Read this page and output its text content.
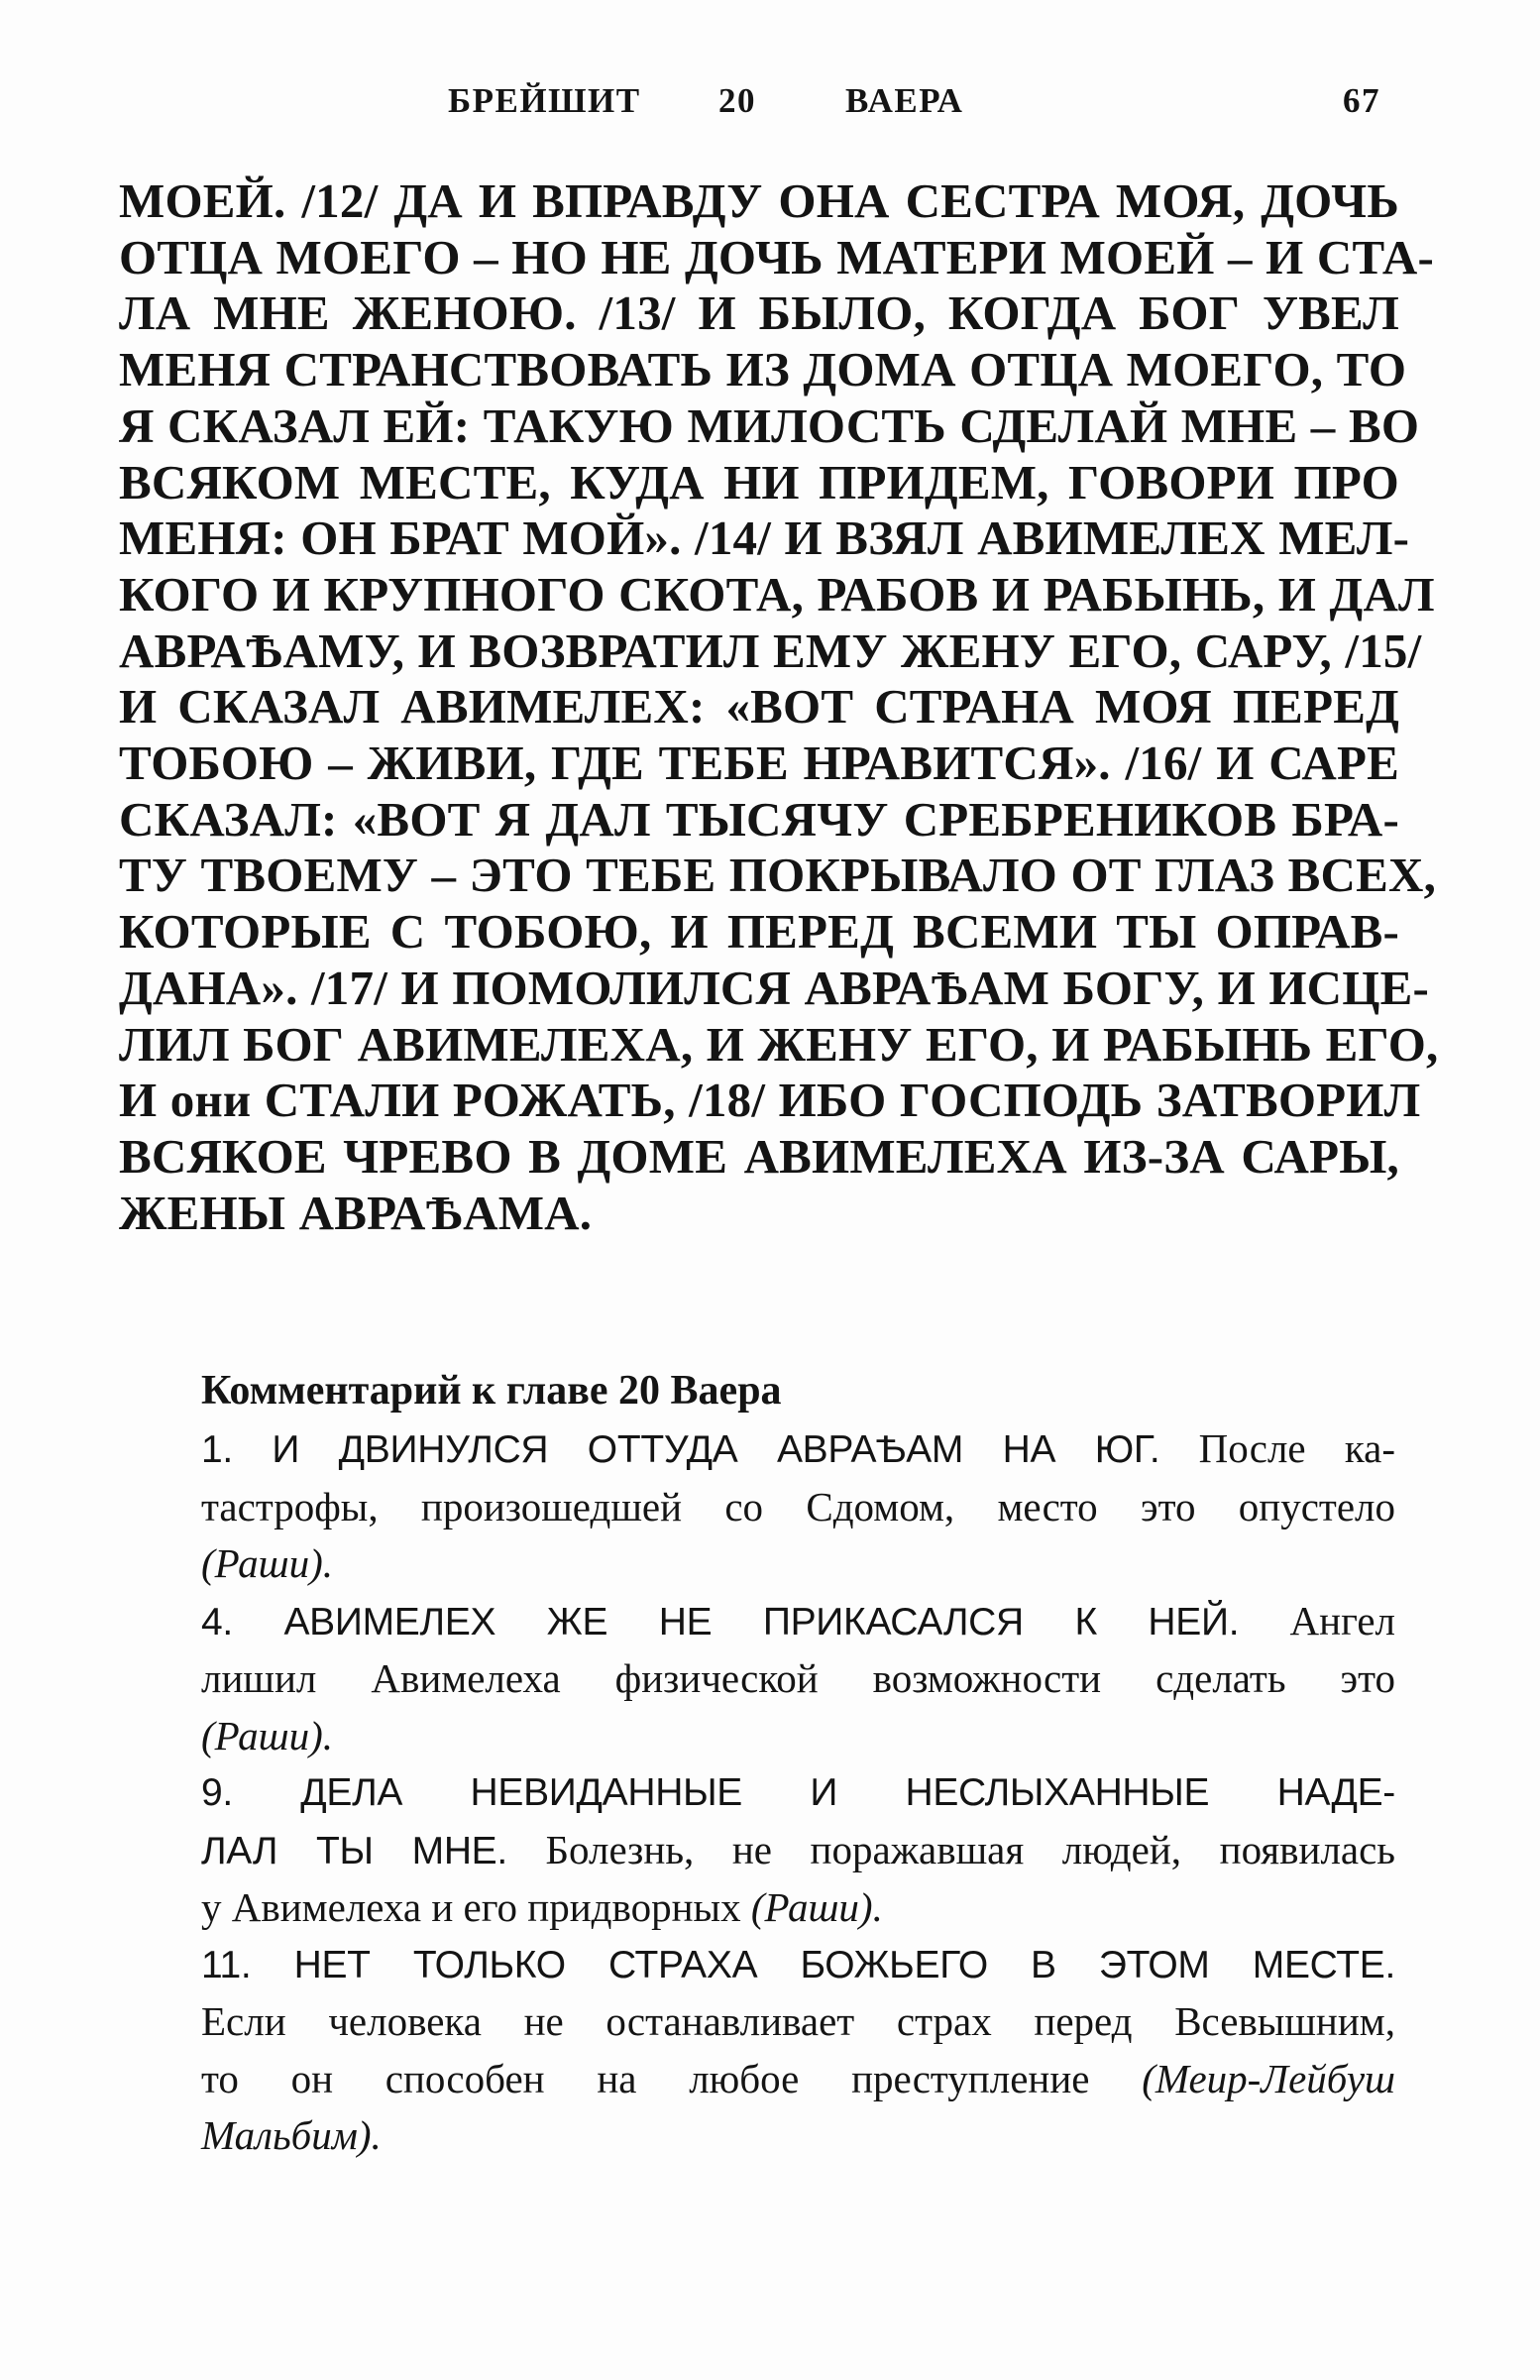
БРЕЙШИТ 20	ВАЕРА	67
МОЕЙ. /12/ ДА И ВПРАВДУ ОНА СЕСТРА МОЯ, ДОЧЬ
ОТЦА МОЕГО – НО НЕ ДОЧЬ МАТЕРИ МОЕЙ – И СТА-
ЛА МНЕ ЖЕНОЮ. /13/ И БЫЛО, КОГДА БОГ УВЕЛ
МЕНЯ СТРАНСТВОВАТЬ ИЗ ДОМА ОТЦА МОЕГО, ТО
Я СКАЗАЛ ЕЙ: ТАКУЮ МИЛОСТЬ СДЕЛАЙ МНЕ – ВО
ВСЯКОМ МЕСТЕ, КУДА НИ ПРИДЕМ, ГОВОРИ ПРО
МЕНЯ: ОН БРАТ МОЙ». /14/ И ВЗЯЛ АВИМЕЛЕХ МЕЛ-
КОГО И КРУПНОГО СКОТА, РАБОВ И РАБЫНЬ, И ДАЛ
АВРАѢАМУ, И ВОЗВРАТИЛ ЕМУ ЖЕНУ ЕГО, САРУ, /15/
И СКАЗАЛ АВИМЕЛЕХ: «ВОТ СТРАНА МОЯ ПЕРЕД
ТОБОЮ – ЖИВИ, ГДЕ ТЕБЕ НРАВИТСЯ». /16/ И САРЕ
СКАЗАЛ: «ВОТ Я ДАЛ ТЫСЯЧУ СРЕБРЕНИКОВ БРА-
ТУ ТВОЕМУ – ЭТО ТЕБЕ ПОКРЫВАЛО ОТ ГЛАЗ ВСЕХ,
КОТОРЫЕ С ТОБОЮ, И ПЕРЕД ВСЕМИ ТЫ ОПРАВ-
ДАНА». /17/ И ПОМОЛИЛСЯ АВРАѢАМ БОГУ, И ИСЦЕ-
ЛИЛ БОГ АВИМЕЛЕХА, И ЖЕНУ ЕГО, И РАБЫНЬ ЕГО,
И они СТАЛИ РОЖАТЬ, /18/ ИБО ГОСПОДЬ ЗАТВОРИЛ
ВСЯКОЕ ЧРЕВО В ДОМЕ АВИМЕЛЕХА ИЗ-ЗА САРЫ,
ЖЕНЫ АВРАѢАМА.
Комментарий к главе 20 Ваера
1. И ДВИНУЛСЯ ОТТУДА АВРАѢАМ НА ЮГ. После ка-
тастрофы, произошедшей со Сдомом, место это опустело
(Раши).
4. АВИМЕЛЕХ ЖЕ НЕ ПРИКАСАЛСЯ К НЕЙ. Ангел
лишил Авимелеха физической возможности сделать это
(Раши).
9. ДЕЛА НЕВИДАННЫЕ И НЕСЛЫХАННЫЕ НАДЕ-
ЛАЛ ТЫ МНЕ. Болезнь, не поражавшая людей, появилась
у Авимелеха и его придворных (Раши).
11. НЕТ ТОЛЬКО СТРАХА БОЖЬЕГО В ЭТОМ МЕСТЕ.
Если человека не останавливает страх перед Всевышним,
то он способен на любое преступление (Меир-Лейбуш
Мальбим).
